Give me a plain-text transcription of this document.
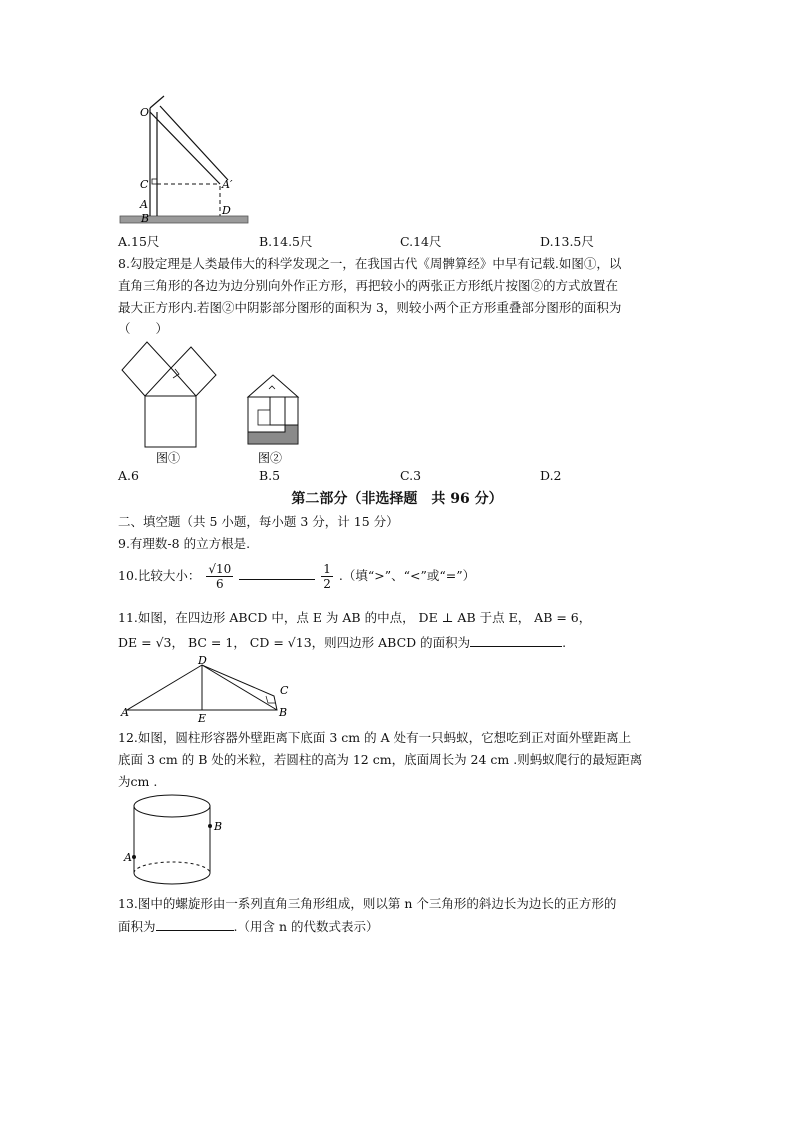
O
C
A
A′
D
B
A.15尺	B.14.5尺	C.14尺	D.13.5尺
8.勾股定理是人类最伟大的科学发现之一，在我国古代《周髀算经》中早有记载.如图①，以
直角三角形的各边为边分别向外作正方形，再把较小的两张正方形纸片按图②的方式放置在
最大正方形内.若图②中阴影部分图形的面积为 3，则较小两个正方形重叠部分图形的面积为
（　　）
图①	图②
A.6	B.5	C.3	D.2
第二部分（非选择题　共 96 分）
二、填空题（共 5 小题，每小题 3 分，计 15 分）
9.有理数-8 的立方根是.
10.比较大小： $\frac{√10}{6}$
	$\frac{1}{2}$ .（填“>”、“<”或“=”）
11.如图，在四边形 ABCD 中，点 E 为 AB 的中点， DE ⊥ AB 于点 E， AB = 6，
DE = √3， BC = 1， CD = √13，则四边形 ABCD 的面积为	.
D
C
A	E	B
12.如图，圆柱形容器外壁距离下底面 3 cm 的 A 处有一只蚂蚁，它想吃到正对面外壁距离上
底面 3 cm 的 B 处的米粒，若圆柱的高为 12 cm，底面周长为 24 cm .则蚂蚁爬行的最短距离
为cm .
B
A
13.图中的螺旋形由一系列直角三角形组成，则以第 n 个三角形的斜边长为边长的正方形的
面积为	.（用含 n 的代数式表示）
